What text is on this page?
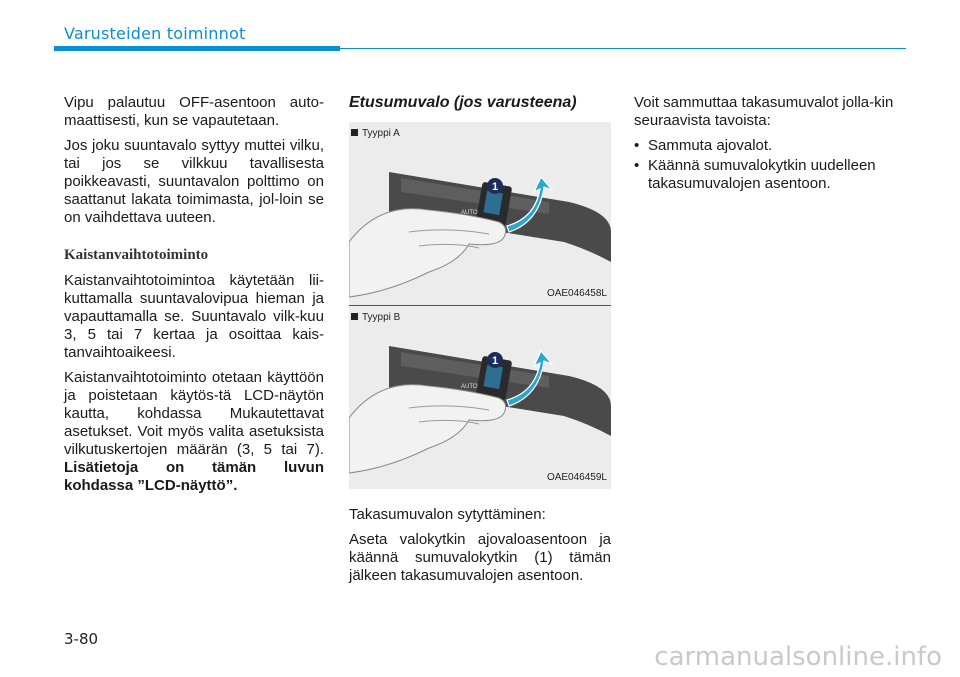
Varusteiden toiminnot

Vipu palautuu OFF-asentoon auto-maattisesti, kun se vapautetaan.

Jos joku suuntavalo syttyy muttei vilku, tai jos se vilkkuu tavallisesta poikkeavasti, suuntavalon polttimo on saattanut lakata toimimasta, jol-loin se on vaihdettava uuteen.

Kaistanvaihtotoiminto

Kaistanvaihtotoimintoa käytetään lii-kuttamalla suuntavalovipua hieman ja vapauttamalla se. Suuntavalo vilk-kuu 3, 5 tai 7 kertaa ja osoittaa kais-tanvaihtoaikeesi.

Kaistanvaihtotoiminto otetaan käyttöön ja poistetaan käytös-tä LCD-näytön kautta, kohdassa Mukautettavat asetukset. Voit myös valita asetuksista vilkutuskertojen määrän (3, 5 tai 7). Lisätietoja on tämän luvun kohdassa ”LCD-näyttö”.

Etusumuvalo (jos varusteena)
Tyyppi A
1
AUTO
OAE046458L
Tyyppi B
1
AUTO
OAE046459L

Takasumuvalon sytyttäminen:

Aseta valokytkin ajovaloasentoon ja käännä sumuvalokytkin (1) tämän jälkeen takasumuvalojen asentoon.

Voit sammuttaa takasumuvalot jolla-kin seuraavista tavoista:

• Sammuta ajovalot.
• Käännä sumuvalokytkin uudelleen takasumuvalojen asentoon.
3-80
carmanualsonline.info
